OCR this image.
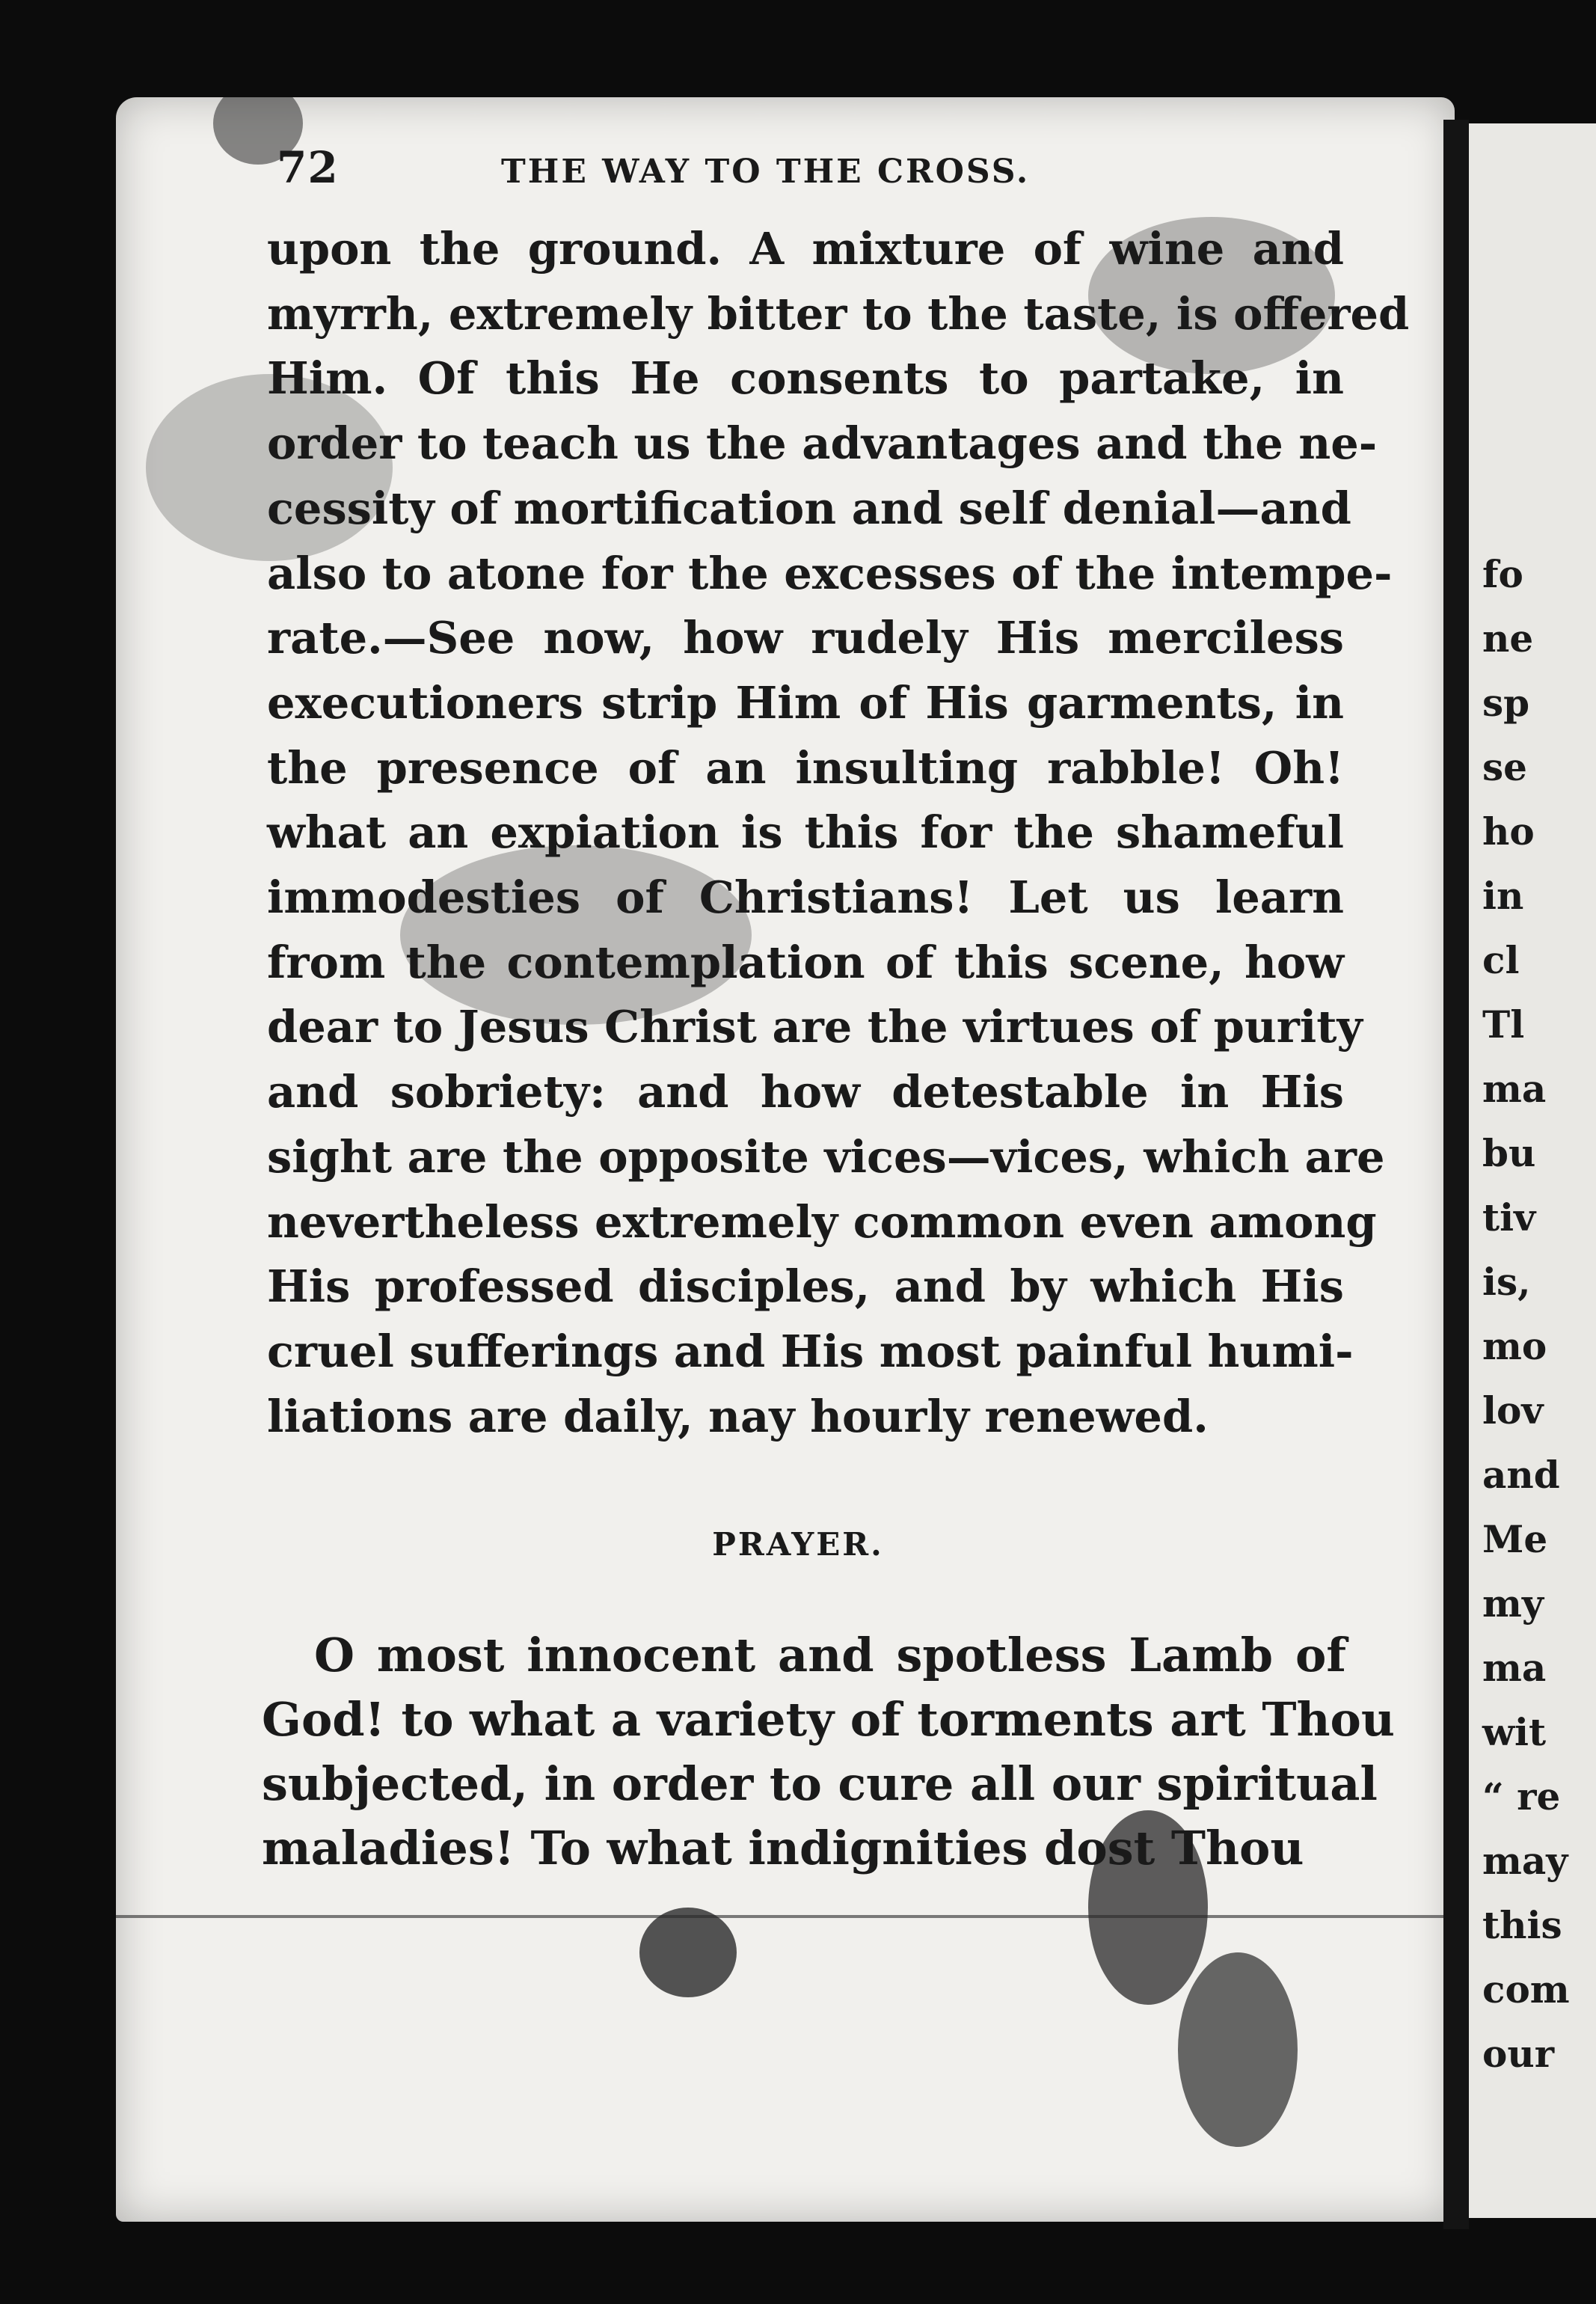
fo
ne
sp
se
ho
in
cl
Tl
ma
bu
tiv
is,
mo
lov
and
Me
my
ma
wit
“ re
may
this
com
our
72	THE WAY TO THE CROSS.
upon the ground. A mixture of wine and
myrrh, extremely bitter to the taste, is offered
Him. Of this He consents to partake, in
order to teach us the advantages and the ne-
cessity of mortification and self denial—and
also to atone for the excesses of the intempe-
rate.—See now, how rudely His merciless
executioners strip Him of His garments, in
the presence of an insulting rabble! Oh!
what an expiation is this for the shameful
immodesties of Christians! Let us learn
from the contemplation of this scene, how
dear to Jesus Christ are the virtues of purity
and sobriety: and how detestable in His
sight are the opposite vices—vices, which are
nevertheless extremely common even among
His professed disciples, and by which His
cruel sufferings and His most painful humi-
liations are daily, nay hourly renewed.
PRAYER.
O most innocent and spotless Lamb of
God! to what a variety of torments art Thou
subjected, in order to cure all our spiritual
maladies! To what indignities dost Thou
